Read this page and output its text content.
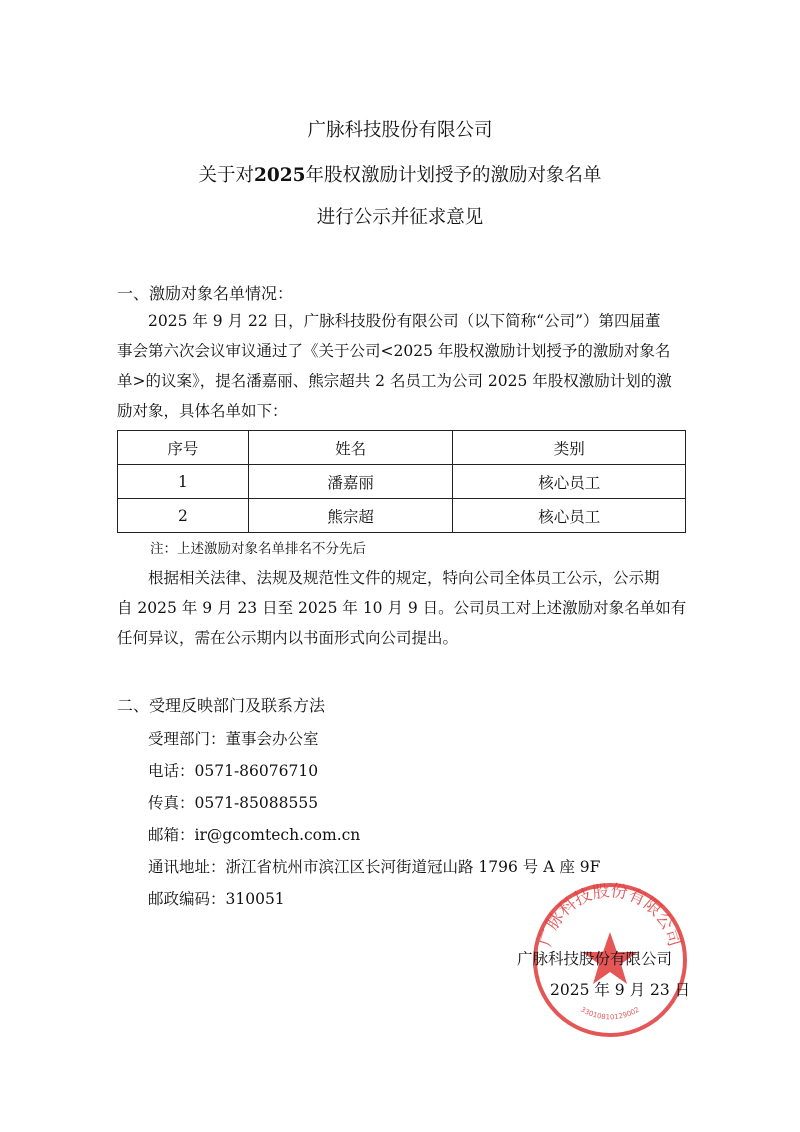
广脉科技股份有限公司
关于对2025年股权激励计划授予的激励对象名单
进行公示并征求意见
一、激励对象名单情况：
2025 年 9 月 22 日，广脉科技股份有限公司（以下简称“公司”）第四届董
事会第六次会议审议通过了《关于公司<2025 年股权激励计划授予的激励对象名
单>的议案》，提名潘嘉丽、熊宗超共 2 名员工为公司 2025 年股权激励计划的激
励对象，具体名单如下：
序号	姓名	类别
1	潘嘉丽	核心员工
2	熊宗超	核心员工
注：上述激励对象名单排名不分先后
根据相关法律、法规及规范性文件的规定，特向公司全体员工公示，公示期
自 2025 年 9 月 23 日至 2025 年 10 月 9 日。公司员工对上述激励对象名单如有
任何异议，需在公示期内以书面形式向公司提出。
二、受理反映部门及联系方法
受理部门：董事会办公室
电话：0571-86076710
传真：0571-85088555
邮箱：ir@gcomtech.com.cn
通讯地址：浙江省杭州市滨江区长河街道冠山路 1796 号 A 座 9F
邮政编码：310051
广脉科技股份有限公司
3301081012900​2
广脉科技股份有限公司
2025 年 9 月 23 日
